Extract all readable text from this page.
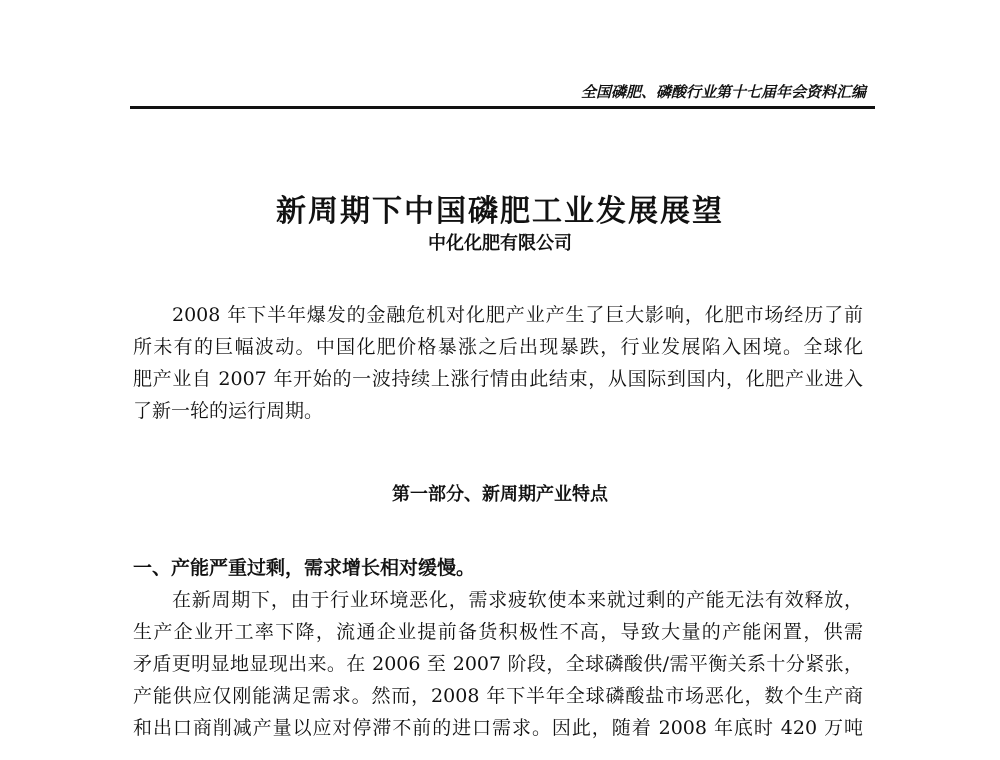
全国磷肥、磷酸行业第十七届年会资料汇编
新周期下中国磷肥工业发展展望
中化化肥有限公司
2008 年下半年爆发的金融危机对化肥产业产生了巨大影响，化肥市场经历了前
所未有的巨幅波动。中国化肥价格暴涨之后出现暴跌，行业发展陷入困境。全球化
肥产业自 2007 年开始的一波持续上涨行情由此结束，从国际到国内，化肥产业进入
了新一轮的运行周期。
第一部分、新周期产业特点
一、产能严重过剩，需求增长相对缓慢。
在新周期下，由于行业环境恶化，需求疲软使本来就过剩的产能无法有效释放，
生产企业开工率下降，流通企业提前备货积极性不高，导致大量的产能闲置，供需
矛盾更明显地显现出来。在 2006 至 2007 阶段，全球磷酸供/需平衡关系十分紧张，
产能供应仅刚能满足需求。然而，2008 年下半年全球磷酸盐市场恶化，数个生产商
和出口商削减产量以应对停滞不前的进口需求。因此，随着 2008 年底时 420 万吨
